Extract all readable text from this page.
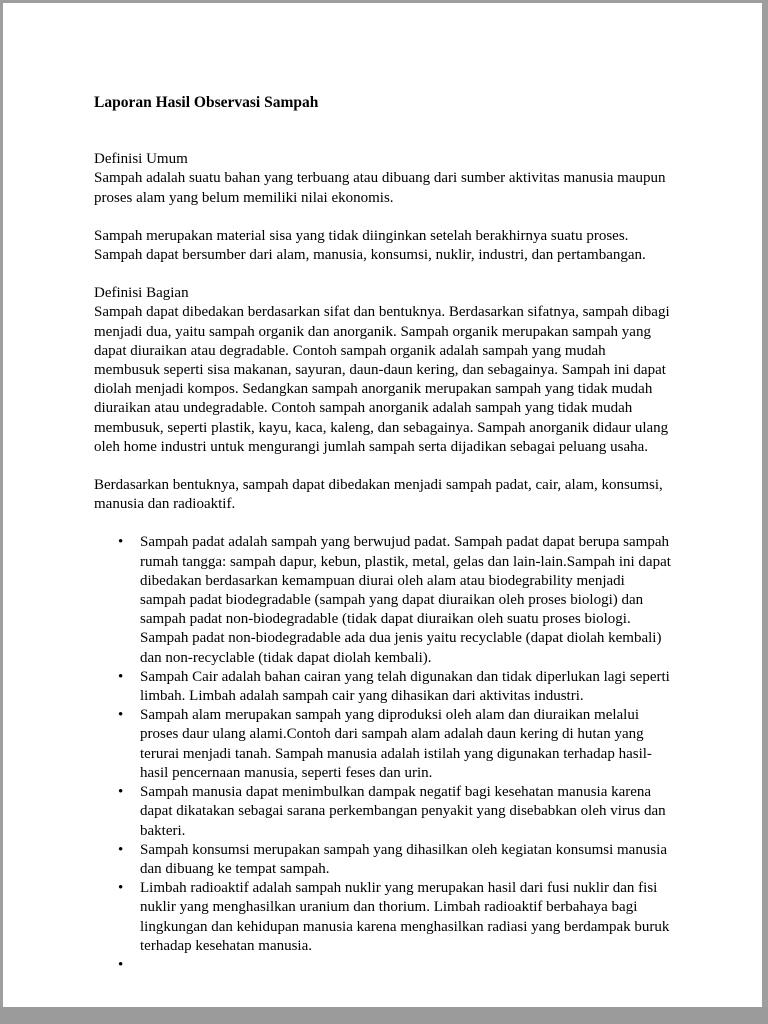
Laporan Hasil Observasi Sampah

Definisi Umum

Sampah adalah suatu bahan yang terbuang atau dibuang dari sumber aktivitas manusia maupun proses alam yang belum memiliki nilai ekonomis.

Sampah merupakan material sisa yang tidak diinginkan setelah berakhirnya suatu proses. Sampah dapat bersumber dari alam, manusia, konsumsi, nuklir, industri, dan pertambangan.

Definisi Bagian

Sampah dapat dibedakan berdasarkan sifat dan bentuknya. Berdasarkan sifatnya, sampah dibagi menjadi dua, yaitu sampah organik dan anorganik. Sampah organik merupakan sampah yang dapat diuraikan atau degradable. Contoh sampah organik adalah sampah yang mudah membusuk seperti sisa makanan, sayuran, daun-daun kering, dan sebagainya. Sampah ini dapat diolah menjadi kompos. Sedangkan sampah anorganik merupakan sampah yang tidak mudah diuraikan atau undegradable. Contoh sampah anorganik adalah sampah yang tidak mudah membusuk, seperti plastik, kayu, kaca, kaleng, dan sebagainya. Sampah anorganik didaur ulang oleh home industri untuk mengurangi jumlah sampah serta dijadikan sebagai peluang usaha.

Berdasarkan bentuknya, sampah dapat dibedakan menjadi sampah padat, cair, alam, konsumsi, manusia dan radioaktif.

• Sampah padat adalah sampah yang berwujud padat. Sampah padat dapat berupa sampah rumah tangga: sampah dapur, kebun, plastik, metal, gelas dan lain-lain.Sampah ini dapat dibedakan berdasarkan kemampuan diurai oleh alam atau biodegrability menjadi sampah padat biodegradable (sampah yang dapat diuraikan oleh proses biologi) dan sampah padat non-biodegradable (tidak dapat diuraikan oleh suatu proses biologi. Sampah padat non-biodegradable ada dua jenis yaitu recyclable (dapat diolah kembali) dan non-recyclable (tidak dapat diolah kembali).
• Sampah Cair adalah bahan cairan yang telah digunakan dan tidak diperlukan lagi seperti limbah. Limbah adalah sampah cair yang dihasikan dari aktivitas industri.
• Sampah alam merupakan sampah yang diproduksi oleh alam dan diuraikan melalui proses daur ulang alami.Contoh dari sampah alam adalah daun kering di hutan yang terurai menjadi tanah. Sampah manusia adalah istilah yang digunakan terhadap hasil-hasil pencernaan manusia, seperti feses dan urin.
• Sampah manusia dapat menimbulkan dampak negatif bagi kesehatan manusia karena dapat dikatakan sebagai sarana perkembangan penyakit yang disebabkan oleh virus dan bakteri.
• Sampah konsumsi merupakan sampah yang dihasilkan oleh kegiatan konsumsi manusia dan dibuang ke tempat sampah.
• Limbah radioaktif adalah sampah nuklir yang merupakan hasil dari fusi nuklir dan fisi nuklir yang menghasilkan uranium dan thorium. Limbah radioaktif berbahaya bagi lingkungan dan kehidupan manusia karena menghasilkan radiasi yang berdampak buruk terhadap kesehatan manusia.
•
